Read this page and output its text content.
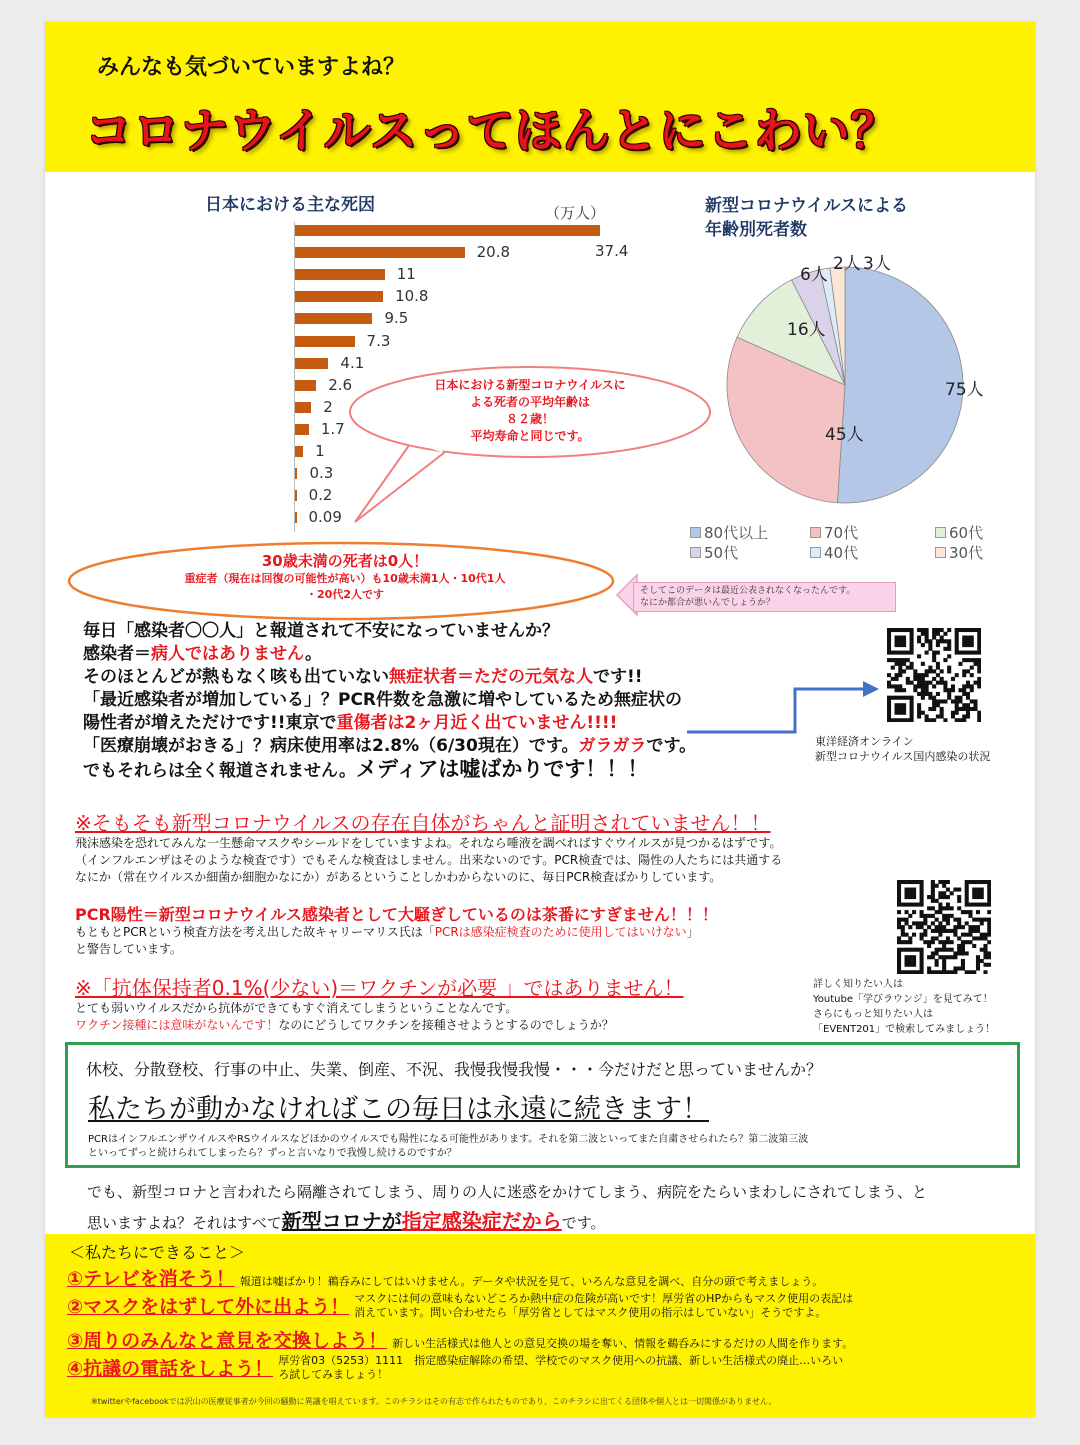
みんなも気づいていますよね？
コロナウイルスってほんとにこわい？
日本における主な死因	（万人）
37.4
20.8
11
10.8
9.5
7.3
4.1
2.6
2
1.7
1
0.3
0.2
0.09
新型コロナウイルスによる
年齢別死者数
75人
45人
16人
6人
2人 3人
80代以上	70代	60代
50代	40代	30代
日本における新型コロナウイルスに
よる死者の平均年齢は
８２歳！
平均寿命と同じです。
30歳未満の死者は0人！
重症者（現在は回復の可能性が高い）も10歳未満1人・10代1人
・20代2人です	そしてこのデータは最近公表されなくなったんです。
なにか都合が悪いんでしょうか？
毎日「感染者〇〇人」と報道されて不安になっていませんか？
感染者＝病人ではありません。
そのほとんどが熱もなく咳も出ていない無症状者＝ただの元気な人です!!
「最近感染者が増加している」？PCR件数を急激に増やしているため無症状の
陽性者が増えただけです!!東京で重傷者は2ヶ月近く出ていません!!!!
「医療崩壊がおきる」？病床使用率は2.8%（6/30現在）です。ガラガラです。
でもそれらは全く報道されません。メディアは嘘ばかりです！！！
東洋経済オンライン
新型コロナウイルス国内感染の状況
※そもそも新型コロナウイルスの存在自体がちゃんと証明されていません！！
飛沫感染を恐れてみんな一生懸命マスクやシールドをしていますよね。それなら唾液を調べればすぐウイルスが見つかるはずです。
（インフルエンザはそのような検査です）でもそんな検査はしません。出来ないのです。PCR検査では、陽性の人たちには共通する
なにか（常在ウイルスか細菌か細胞かなにか）があるということしかわからないのに、毎日PCR検査ばかりしています。
PCR陽性＝新型コロナウイルス感染者として大騒ぎしているのは茶番にすぎません！！！
もともとPCRという検査方法を考え出した故キャリーマリス氏は「PCRは感染症検査のために使用してはいけない」
と警告しています。
詳しく知りたい人は
Youtube「学びラウンジ」を見てみて！
さらにもっと知りたい人は
「EVENT201」で検索してみましょう！
※「抗体保持者0.1%(少ない)＝ワクチンが必要 」ではありません！
とても弱いウイルスだから抗体ができてもすぐ消えてしまうということなんです。
ワクチン接種には意味がないんです！なのにどうしてワクチンを接種させようとするのでしょうか？
休校、分散登校、行事の中止、失業、倒産、不況、我慢我慢我慢・・・今だけだと思っていませんか？
私たちが動かなければこの毎日は永遠に続きます！
PCRはインフルエンザウイルスやRSウイルスなどほかのウイルスでも陽性になる可能性があります。それを第二波といってまた自粛させられたら？第二波第三波
といってずっと続けられてしまったら？ずっと言いなりで我慢し続けるのですか？
でも、新型コロナと言われたら隔離されてしまう、周りの人に迷惑をかけてしまう、病院をたらいまわしにされてしまう、と
思いますよね？それはすべて新型コロナが指定感染症だからです。
＜私たちにできること＞
①テレビを消そう！ 報道は嘘ばかり！鵜呑みにしてはいけません。データや状況を見て、いろんな意見を調べ、自分の頭で考えましょう。
②マスクをはずして外に出よう！ マスクには何の意味もないどころか熱中症の危険が高いです！厚労省のHPからもマスク使用の表記は
消えています。問い合わせたら「厚労省としてはマスク使用の指示はしていない」そうですよ。
③周りのみんなと意見を交換しよう！ 新しい生活様式は他人との意見交換の場を奪い、情報を鵜呑みにするだけの人間を作ります。
④抗議の電話をしよう！ 厚労省03（5253）1111　指定感染症解除の希望、学校でのマスク使用への抗議、新しい生活様式の廃止…いろい
ろ試してみましょう！
※twitterやfacebookでは沢山の医療従事者が今回の騒動に異議を唱えています。このチラシはその有志で作られたものであり、このチラシに出てくる団体や個人とは一切関係がありません。
